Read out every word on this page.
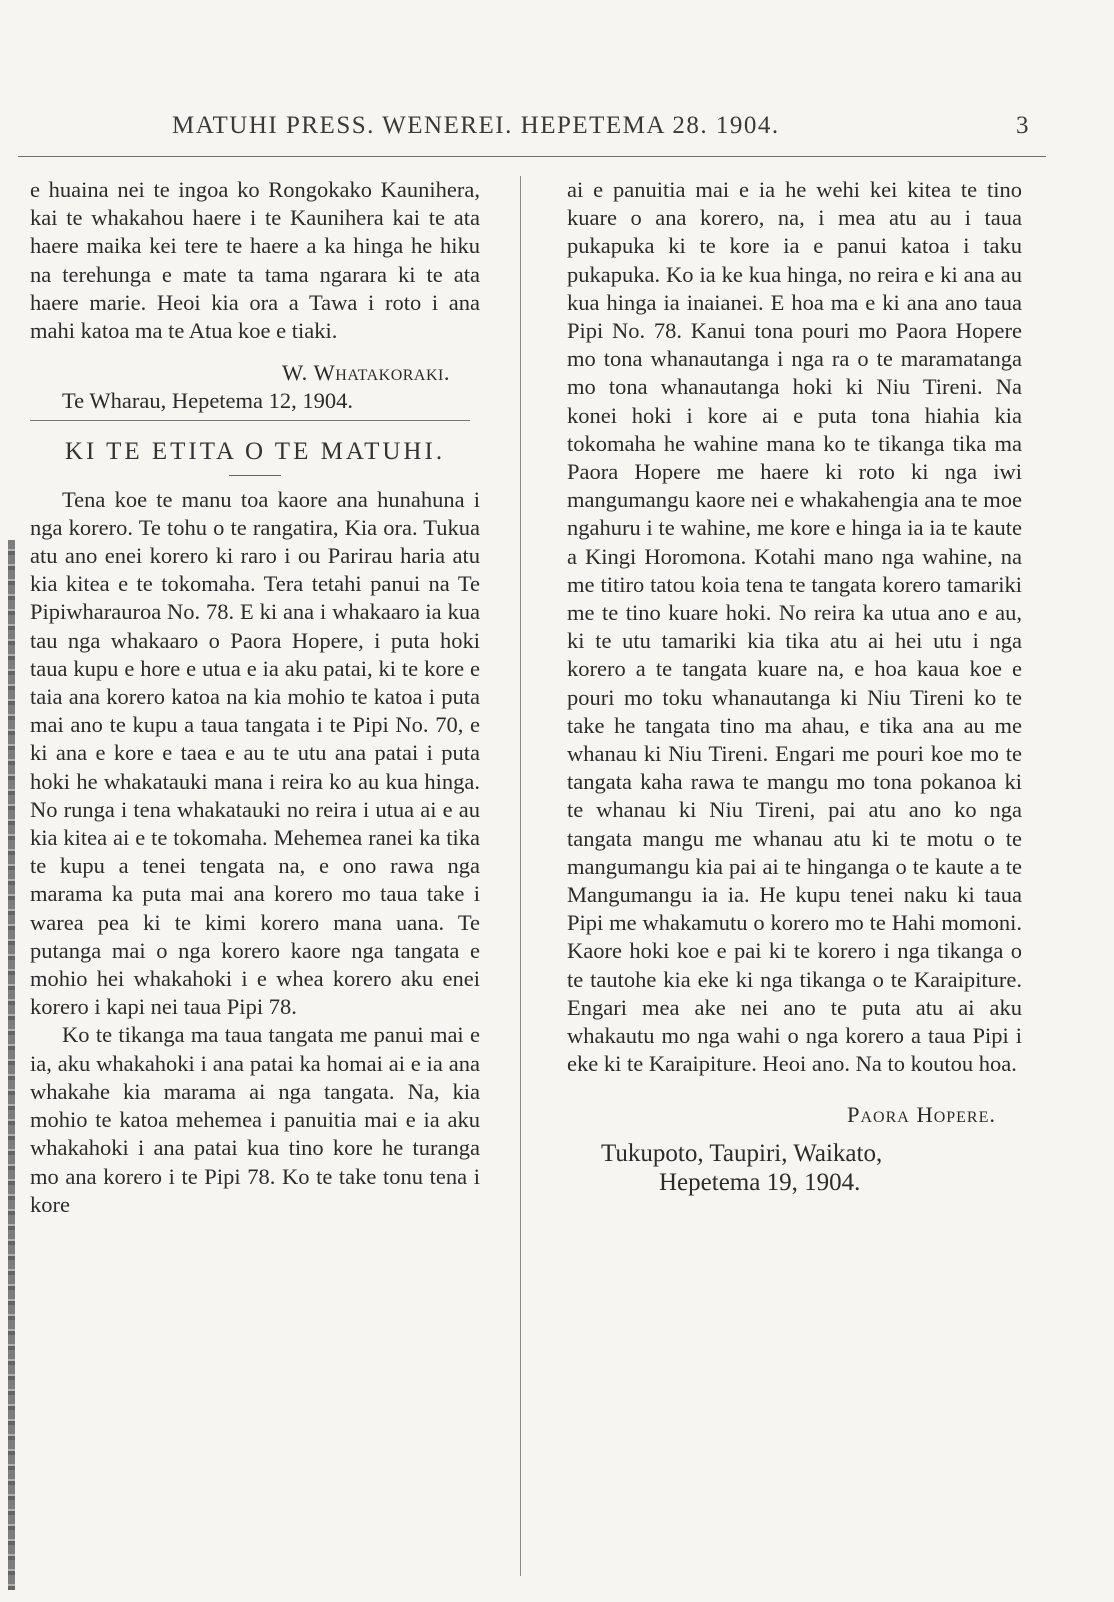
MATUHI PRESS. WENEREI. HEPETEMA 28. 1904.	3

e huaina nei te ingoa ko Rongokako Kaunihera, kai te whakahou haere i te Kaunihera kai te ata haere maika kei tere te haere a ka hinga he hiku na terehunga e mate ta tama ngarara ki te ata haere marie. Heoi kia ora a Tawa i roto i ana mahi katoa ma te Atua koe e tiaki.

W. Whatakoraki.

Te Wharau, Hepetema 12, 1904.

KI TE ETITA O TE MATUHI.

Tena koe te manu toa kaore ana hunahuna i nga korero. Te tohu o te rangatira, Kia ora. Tukua atu ano enei korero ki raro i ou Parirau haria atu kia kitea e te tokomaha. Tera tetahi panui na Te Pipiwharauroa No. 78. E ki ana i whakaaro ia kua tau nga whakaaro o Paora Hopere, i puta hoki taua kupu e hore e utua e ia aku patai, ki te kore e taia ana korero katoa na kia mohio te katoa i puta mai ano te kupu a taua tangata i te Pipi No. 70, e ki ana e kore e taea e au te utu ana patai i puta hoki he whakatauki mana i reira ko au kua hinga. No runga i tena whakatauki no reira i utua ai e au kia kitea ai e te tokomaha. Mehemea ranei ka tika te kupu a tenei tengata na, e ono rawa nga marama ka puta mai ana korero mo taua take i warea pea ki te kimi korero mana uana. Te putanga mai o nga korero kaore nga tangata e mohio hei whakahoki i e whea korero aku enei korero i kapi nei taua Pipi 78.

Ko te tikanga ma taua tangata me panui mai e ia, aku whakahoki i ana patai ka homai ai e ia ana whakahe kia marama ai nga tangata. Na, kia mohio te katoa mehemea i panuitia mai e ia aku whakahoki i ana patai kua tino kore he turanga mo ana korero i te Pipi 78. Ko te take tonu tena i kore

ai e panuitia mai e ia he wehi kei kitea te tino kuare o ana korero, na, i mea atu au i taua pukapuka ki te kore ia e panui katoa i taku pukapuka. Ko ia ke kua hinga, no reira e ki ana au kua hinga ia inaianei. E hoa ma e ki ana ano taua Pipi No. 78. Kanui tona pouri mo Paora Hopere mo tona whanautanga i nga ra o te maramatanga mo tona whanautanga hoki ki Niu Tireni. Na konei hoki i kore ai e puta tona hiahia kia tokomaha he wahine mana ko te tikanga tika ma Paora Hopere me haere ki roto ki nga iwi mangumangu kaore nei e whakahengia ana te moe ngahuru i te wahine, me kore e hinga ia ia te kaute a Kingi Horomona. Kotahi mano nga wahine, na me titiro tatou koia tena te tangata korero tamariki me te tino kuare hoki. No reira ka utua ano e au, ki te utu tamariki kia tika atu ai hei utu i nga korero a te tangata kuare na, e hoa kaua koe e pouri mo toku whanautanga ki Niu Tireni ko te take he tangata tino ma ahau, e tika ana au me whanau ki Niu Tireni. Engari me pouri koe mo te tangata kaha rawa te mangu mo tona pokanoa ki te whanau ki Niu Tireni, pai atu ano ko nga tangata mangu me whanau atu ki te motu o te mangumangu kia pai ai te hinganga o te kaute a te Mangumangu ia ia. He kupu tenei naku ki taua Pipi me whakamutu o korero mo te Hahi momoni. Kaore hoki koe e pai ki te korero i nga tikanga o te tautohe kia eke ki nga tikanga o te Karaipiture. Engari mea ake nei ano te puta atu ai aku whakautu mo nga wahi o nga korero a taua Pipi i eke ki te Karaipiture. Heoi ano. Na to koutou hoa.

Paora Hopere.

Tukupoto, Taupiri, Waikato,
Hepetema 19, 1904.
